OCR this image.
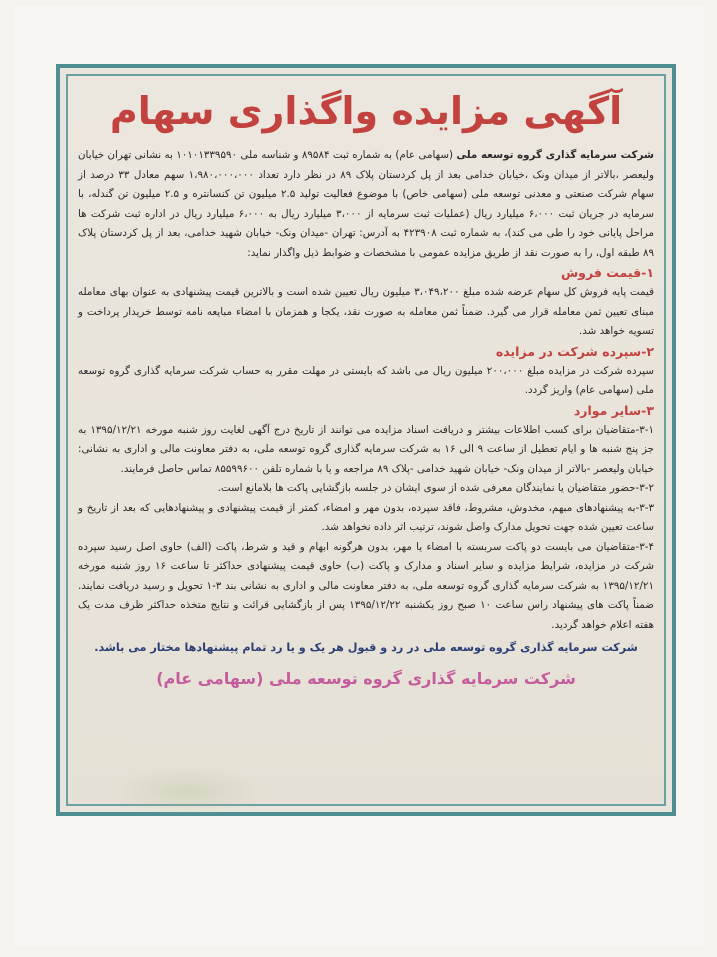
آگهی مزایده واگذاری سهام

شرکت سرمایه گذاری گروه توسعه ملی (سهامی عام) به شماره ثبت ۸۹۵۸۴ و شناسه ملی ۱۰۱۰۱۳۳۹۵۹۰ به نشانی تهران خیابان ولیعصر ،بالاتر از میدان ونک ،خیابان خدامی بعد از پل کردستان پلاک ۸۹ در نظر دارد تعداد ۱،۹۸۰،۰۰۰،۰۰۰ سهم معادل ۳۳ درصد از سهام شرکت صنعتی و معدنی توسعه ملی (سهامی خاص) با موضوع فعالیت تولید ۲.۵ میلیون تن کنسانتره و ۲.۵ میلیون تن گندله، با سرمایه در جریان ثبت ۶،۰۰۰ میلیارد ریال (عملیات ثبت سرمایه از ۳،۰۰۰ میلیارد ریال به ۶،۰۰۰ میلیارد ریال در اداره ثبت شرکت ها مراحل پایانی خود را طی می کند)، به شماره ثبت ۴۲۳۹۰۸ به آدرس: تهران -میدان ونک- خیابان شهید خدامی، بعد از پل کردستان پلاک ۸۹ طبقه اول، را به صورت نقد از طریق مزایده عمومی با مشخصات و ضوابط ذیل واگذار نماید:

۱-قیمت فروش

قیمت پایه فروش کل سهام عرضه شده مبلغ ۳،۰۴۹،۲۰۰ میلیون ریال تعیین شده است و بالاترین قیمت پیشنهادی به عنوان بهای معامله مبنای تعیین ثمن معامله قرار می گیرد. ضمناً ثمن معامله به صورت نقد، یکجا و همزمان با امضاء مبایعه نامه توسط خریدار پرداخت و تسویه خواهد شد.

۲-سپرده شرکت در مزایده

سپرده شرکت در مزایده مبلغ ۲۰۰،۰۰۰ میلیون ریال می باشد که بایستی در مهلت مقرر به حساب شرکت سرمایه گذاری گروه توسعه ملی (سهامی عام) واریز گردد.

۳-سایر موارد

۳-۱-متقاضیان برای کسب اطلاعات بیشتر و دریافت اسناد مزایده می توانند از تاریخ درج آگهی لغایت روز شنبه مورخه ۱۳۹۵/۱۲/۲۱ به جز پنج شنبه ها و ایام تعطیل از ساعت ۹ الی ۱۶ به شرکت سرمایه گذاری گروه توسعه ملی، به دفتر معاونت مالی و اداری به نشانی: خیابان ولیعصر -بالاتر از میدان ونک- خیابان شهید خدامی -پلاک ۸۹ مراجعه و یا با شماره تلفن ۸۵۵۹۹۶۰۰ تماس حاصل فرمایند.

۳-۲-حضور متقاضیان یا نمایندگان معرفی شده از سوی ایشان در جلسه بازگشایی پاکت ها بلامانع است.

۳-۳-به پیشنهادهای مبهم، مخدوش، مشروط، فاقد سپرده، بدون مهر و امضاء، کمتر از قیمت پیشنهادی و پیشنهادهایی که بعد از تاریخ و ساعت تعیین شده جهت تحویل مدارک واصل شوند، ترتیب اثر داده نخواهد شد.

۳-۴-متقاضیان می بایست دو پاکت سربسته با امضاء یا مهر، بدون هرگونه ابهام و قید و شرط، پاکت (الف) حاوی اصل رسید سپرده شرکت در مزایده، شرایط مزایده و سایر اسناد و مدارک و پاکت (ب) حاوی قیمت پیشنهادی حداکثر تا ساعت ۱۶ روز شنبه مورخه ۱۳۹۵/۱۲/۲۱ به شرکت سرمایه گذاری گروه توسعه ملی، به دفتر معاونت مالی و اداری به نشانی بند ۳-۱ تحویل و رسید دریافت نمایند. ضمناً پاکت های پیشنهاد راس ساعت ۱۰ صبح روز یکشنبه ۱۳۹۵/۱۲/۲۲ پس از بازگشایی قرائت و نتایج متخذه حداکثر ظرف مدت یک هفته اعلام خواهد گردید.

شرکت سرمایه گذاری گروه توسعه ملی در رد و قبول هر یک و یا رد تمام پیشنهادها مختار می باشد.
شرکت سرمایه گذاری گروه توسعه ملی (سهامی عام)
